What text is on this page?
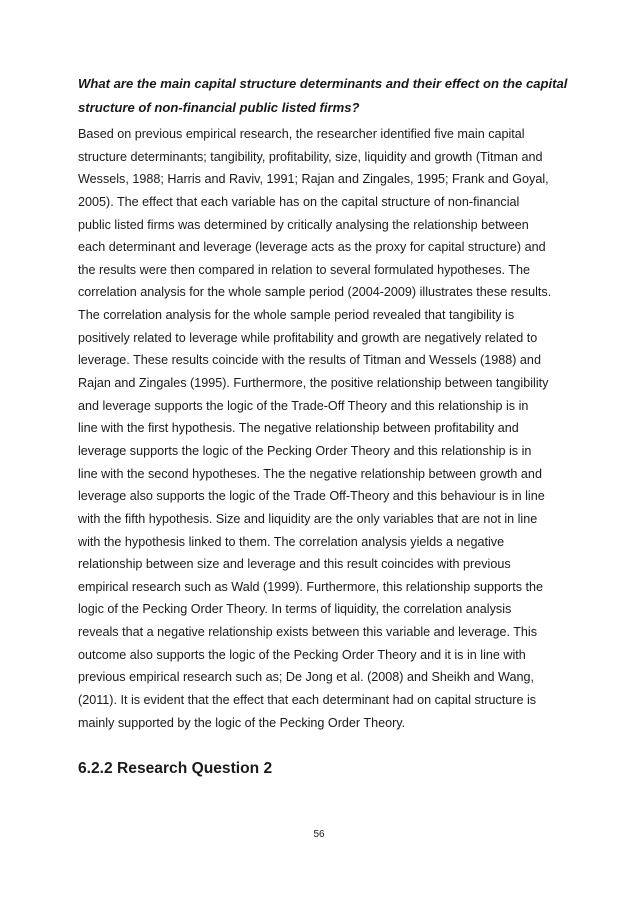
What are the main capital structure determinants and their effect on the capital
structure of non-financial public listed firms?
Based on previous empirical research, the researcher identified five main capital
structure determinants; tangibility, profitability, size, liquidity and growth (Titman and
Wessels, 1988; Harris and Raviv, 1991; Rajan and Zingales, 1995; Frank and Goyal,
2005). The effect that each variable has on the capital structure of non-financial
public listed firms was determined by critically analysing the relationship between
each determinant and leverage (leverage acts as the proxy for capital structure) and
the results were then compared in relation to several formulated hypotheses. The
correlation analysis for the whole sample period (2004-2009) illustrates these results.
The correlation analysis for the whole sample period revealed that tangibility is
positively related to leverage while profitability and growth are negatively related to
leverage. These results coincide with the results of Titman and Wessels (1988) and
Rajan and Zingales (1995). Furthermore, the positive relationship between tangibility
and leverage supports the logic of the Trade-Off Theory and this relationship is in
line with the first hypothesis. The negative relationship between profitability and
leverage supports the logic of the Pecking Order Theory and this relationship is in
line with the second hypotheses. The the negative relationship between growth and
leverage also supports the logic of the Trade Off-Theory and this behaviour is in line
with the fifth hypothesis. Size and liquidity are the only variables that are not in line
with the hypothesis linked to them. The correlation analysis yields a negative
relationship between size and leverage and this result coincides with previous
empirical research such as Wald (1999). Furthermore, this relationship supports the
logic of the Pecking Order Theory. In terms of liquidity, the correlation analysis
reveals that a negative relationship exists between this variable and leverage. This
outcome also supports the logic of the Pecking Order Theory and it is in line with
previous empirical research such as; De Jong et al. (2008) and Sheikh and Wang,
(2011). It is evident that the effect that each determinant had on capital structure is
mainly supported by the logic of the Pecking Order Theory.
6.2.2 Research Question 2
56
